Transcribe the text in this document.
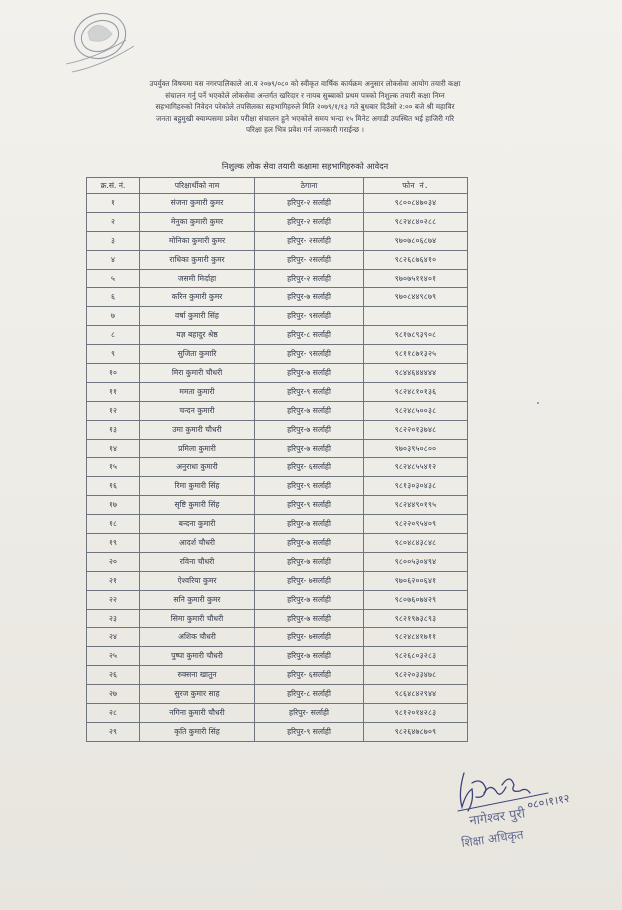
उपर्युक्त विषयमा यस नगरपालिकाले आ.व २०७९/०८० को स्वीकृत वार्षिक कार्यक्रम अनुसार लोकसेवा आयोग तयारी कक्षा
संचालन गर्नु पर्ने भएकोले लोकसेवा अन्तर्गत खरिदार र नायब सुब्बाको प्रथम पत्रको निशुल्क तयारी कक्षा निम्न
सहभागिहरुको निवेदन परेकोले तपसिलका सहभागिहरुले मिति २०७९/१/१३ गते बुधबार दिउँसो २:०० बजे श्री महाविर
जनता बहुमुखी क्याम्पसमा प्रवेश परीक्षा संचालन हुने भएकोले समय भन्दा १५ मिनेट अगाडी उपस्थित भई हाजिरी गरि
परिक्षा हल भित्र प्रवेश गर्न जानकारी गराईन्छ ।
निशुल्क लोक सेवा तयारी कक्षामा सहभागिहरुको आवेदन
क्र.सं. नं.	परिक्षार्थीको नाम	ठेगाना	फोन नं.
१	संजना कुमारी कुमर	हरिपुर-२ सर्लाही	९८००८४७०३४
२	मेनुका कुमारी कुमर	हरिपुर-२ सर्लाही	९८२४८४०२८८
३	मोनिका कुमारी कुमर	हरिपुर- २सर्लाही	९७०७८०६८७४
४	राधिका कुमारी कुमर	हरिपुर- २सर्लाही	९८२६८७६४१०
५	जसमी मिर्दाहा	हरिपुर-२ सर्लाही	९७०७५११४०१
६	करिन कुमारी कुमर	हरिपुर-७ सर्लाही	९७०८४४९८७९
७	वर्षा कुमारी सिंह	हरिपुर- ९सर्लाही	
८	यज्ञ बहादुर श्रेष्ठ	हरिपुर-८ सर्लाही	९८१७८९३९०८
९	सुजिता कुमारि	हरिपुर- ९सर्लाही	९८११८७१३२५
१०	मिरा कुमारी चौधरी	हरिपुर-७ सर्लाही	९८४४६४४४४४
११	ममता कुमारी	हरिपुर-९ सर्लाही	९८२४८१०१३६
१२	चन्दन कुमारी	हरिपुर-७ सर्लाही	९८२४८५००३८
१३	उमा कुमारी चौधरी	हरिपुर-७ सर्लाही	९८२२०१३७४८
१४	प्रमिला कुमारी	हरिपुर-७ सर्लाही	९७०३९५०८००
१५	अनुराधा कुमारी	हरिपुर- ६सर्लाही	९८२४८५५४१२
१६	रिमा कुमारी सिंह	हरिपुर-९ सर्लाही	९८१३०३०४३८
१७	सृष्टि कुमारी सिंह	हरिपुर-९ सर्लाही	९८२४४९०१९५
१८	बन्दना कुमारी	हरिपुर-७ सर्लाही	९८२२०९५४०९
१९	आदर्श चौधरी	हरिपुर-७ सर्लाही	९८०४८४३८४८
२०	रविना चौधरी	हरिपुर-७ सर्लाही	९८००५३०४९४
२१	ऐश्वरिया कुमर	हरिपुर- ७सर्लाही	९७०६२००६४१
२२	सनि कुमारी कुमर	हरिपुर-७ सर्लाही	९८०७६०७४२९
२३	सिमा कुमारी चौधरी	हरिपुर-७ सर्लाही	९८२१९७३८९३
२४	अशिक चौधरी	हरिपुर- ७सर्लाही	९८२४८४१७११
२५	पुष्पा कुमारी चौधरी	हरिपुर-७ सर्लाही	९८२६८०३२८३
२६	रुक्सना खातुन	हरिपुर- ६सर्लाही	९८२२०३३४७८
२७	सुरज कुमार साह	हरिपुर-८ सर्लाही	९८६४८४२९४४
२८	नगिना कुमारी चौधरी	हरिपुर- सर्लाही	९८१२०१४२८३
२९	कृति कुमारी सिंह	हरिपुर-९ सर्लाही	९८२६४७८७०९
नागेश्वर पुरी
शिक्षा अधिकृत
०८०।१।१२
